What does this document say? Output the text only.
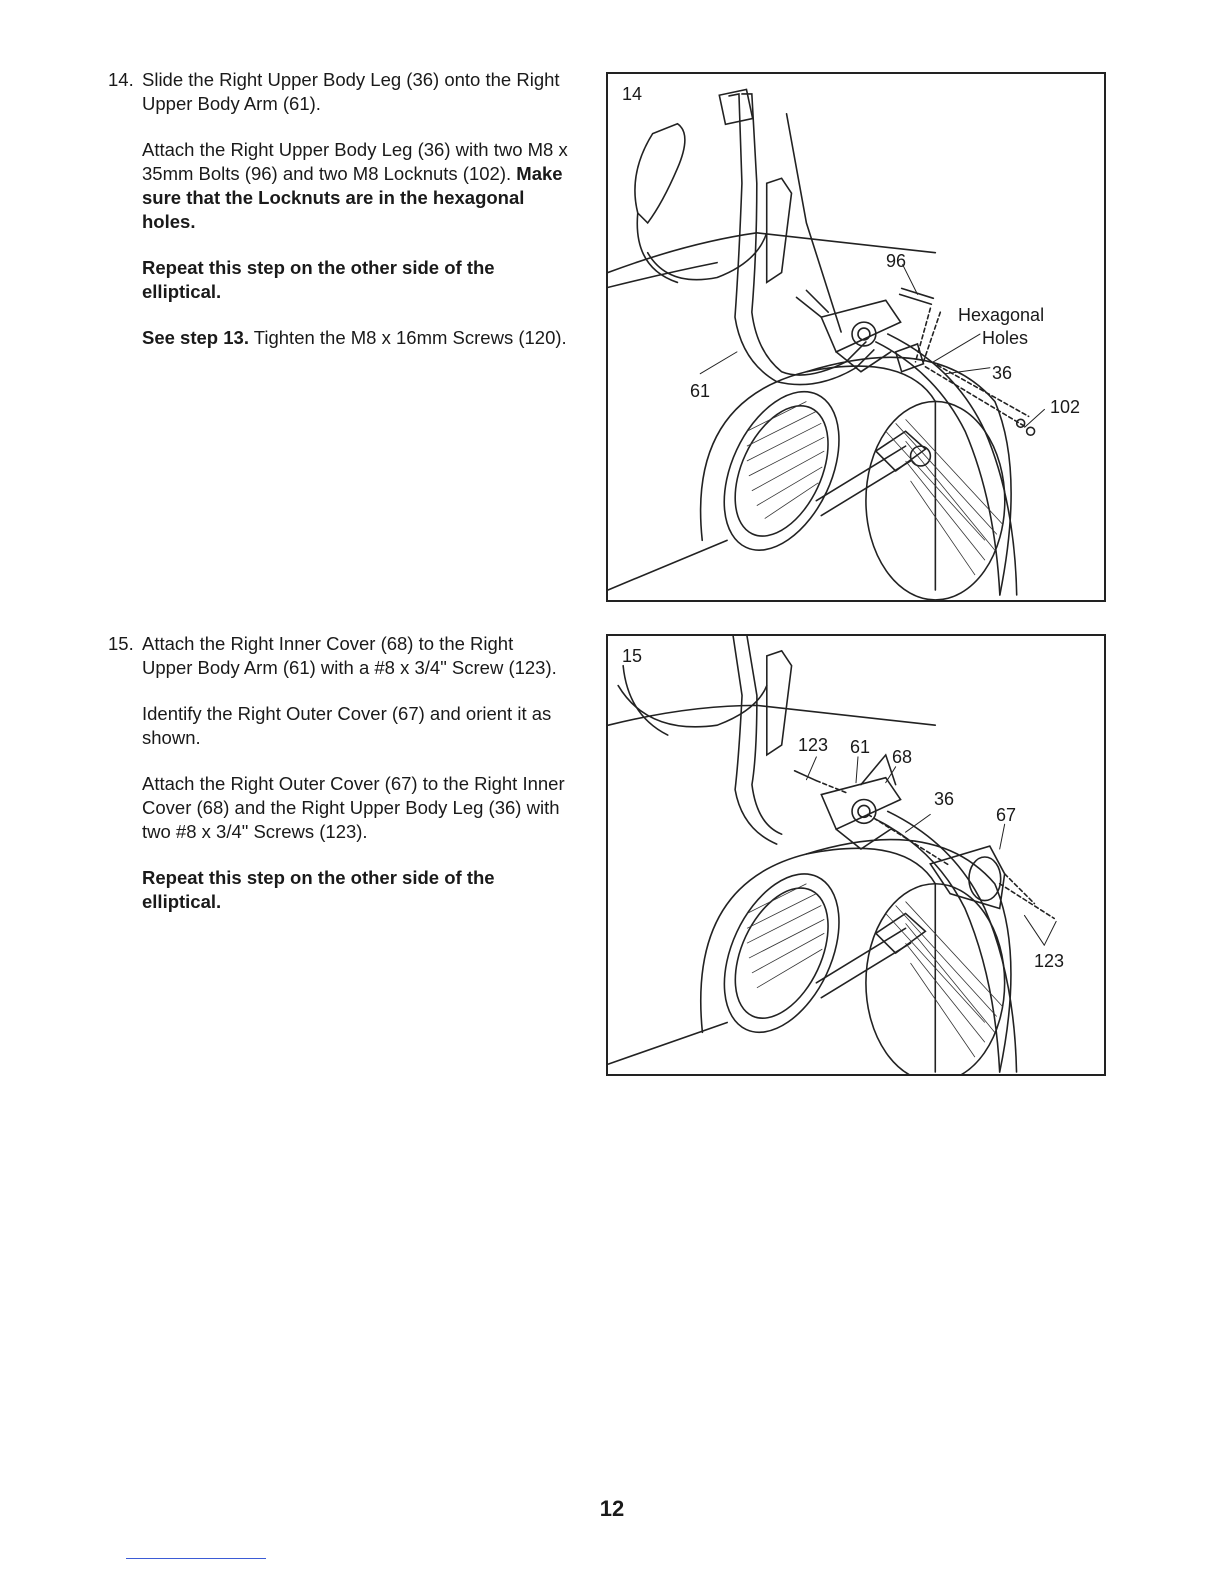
14. Slide the Right Upper Body Leg (36) onto the Right Upper Body Arm (61).

Attach the Right Upper Body Leg (36) with two M8 x 35mm Bolts (96) and two M8 Locknuts (102). Make sure that the Locknuts are in the hexagonal holes.

Repeat this step on the other side of the elliptical.

See step 13. Tighten the M8 x 16mm Screws (120).

14
96
Hexagonal
Holes
36
102
61
15. Attach the Right Inner Cover (68) to the Right Upper Body Arm (61) with a #8 x 3/4" Screw (123).

Identify the Right Outer Cover (67) and orient it as shown.

Attach the Right Outer Cover (67) to the Right Inner Cover (68) and the Right Upper Body Leg (36) with two #8 x 3/4" Screws (123).

Repeat this step on the other side of the elliptical.

15
123 61 68
36
67
123
12
